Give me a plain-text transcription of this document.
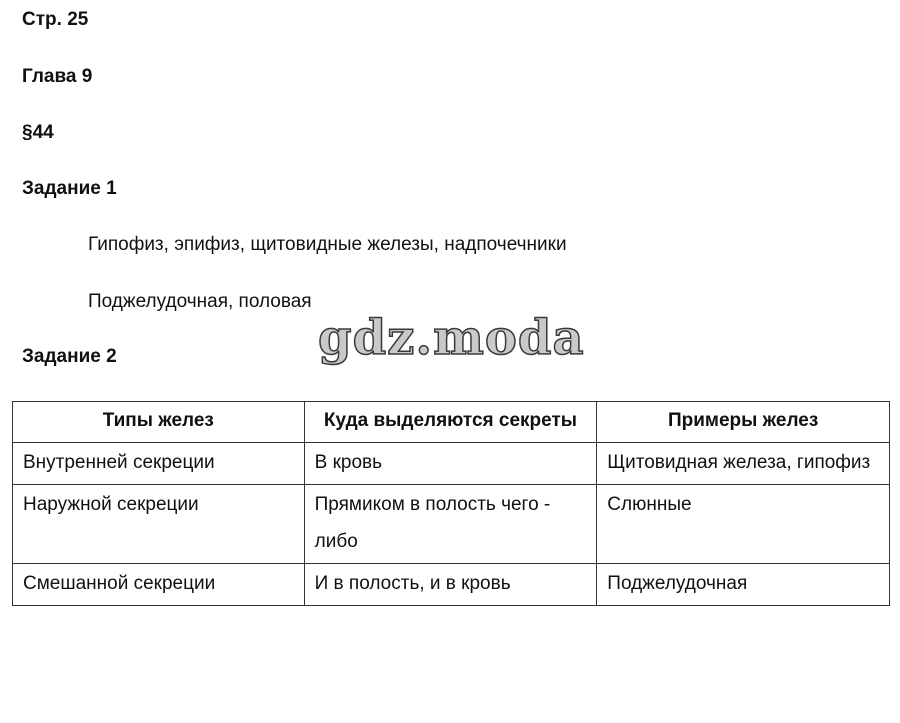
Стр. 25

Глава 9

§44

Задание 1

Гипофиз, эпифиз, щитовидные железы, надпочечники

Поджелудочная, половая

gdz.moda

Задание 2

Типы желез	Куда выделяются секреты	Примеры желез
Внутренней секреции	В кровь	Щитовидная железа, гипофиз
Наружной секреции	Прямиком в полость чего - либо	Слюнные
Смешанной секреции	И в полость, и в кровь	Поджелудочная
